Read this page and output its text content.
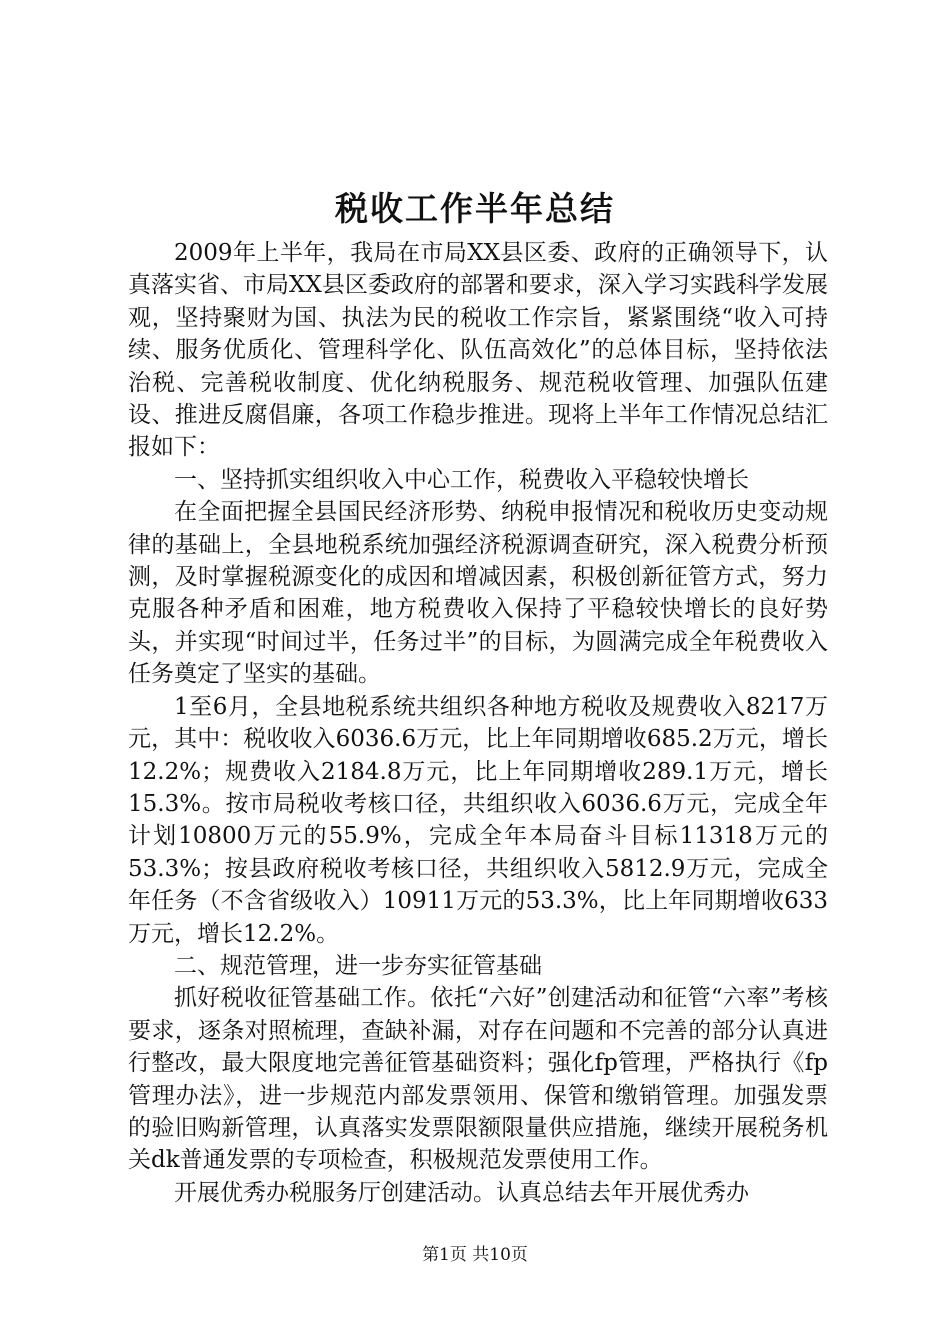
税收工作半年总结

2009年上半年，我局在市局XX县区委、政府的正确领导下，认真落实省、市局XX县区委政府的部署和要求，深入学习实践科学发展观，坚持聚财为国、执法为民的税收工作宗旨，紧紧围绕“收入可持续、服务优质化、管理科学化、队伍高效化”的总体目标，坚持依法治税、完善税收制度、优化纳税服务、规范税收管理、加强队伍建设、推进反腐倡廉，各项工作稳步推进。现将上半年工作情况总结汇报如下：

一、坚持抓实组织收入中心工作，税费收入平稳较快增长

在全面把握全县国民经济形势、纳税申报情况和税收历史变动规律的基础上，全县地税系统加强经济税源调查研究，深入税费分析预测，及时掌握税源变化的成因和增减因素，积极创新征管方式，努力克服各种矛盾和困难，地方税费收入保持了平稳较快增长的良好势头，并实现“时间过半，任务过半”的目标，为圆满完成全年税费收入任务奠定了坚实的基础。

1至6月，全县地税系统共组织各种地方税收及规费收入8217万元，其中：税收收入6036.6万元，比上年同期增收685.2万元，增长12.2%；规费收入2184.8万元，比上年同期增收289.1万元，增长15.3%。按市局税收考核口径，共组织收入6036.6万元，完成全年计划10800万元的55.9%，完成全年本局奋斗目标11318万元的53.3%；按县政府税收考核口径，共组织收入5812.9万元，完成全年任务（不含省级收入）10911万元的53.3%，比上年同期增收633万元，增长12.2%。

二、规范管理，进一步夯实征管基础

抓好税收征管基础工作。依托“六好”创建活动和征管“六率”考核要求，逐条对照梳理，查缺补漏，对存在问题和不完善的部分认真进行整改，最大限度地完善征管基础资料；强化fp管理，严格执行《fp管理办法》，进一步规范内部发票领用、保管和缴销管理。加强发票的验旧购新管理，认真落实发票限额限量供应措施，继续开展税务机关dk普通发票的专项检查，积极规范发票使用工作。

开展优秀办税服务厅创建活动。认真总结去年开展优秀办

第1页 共10页
